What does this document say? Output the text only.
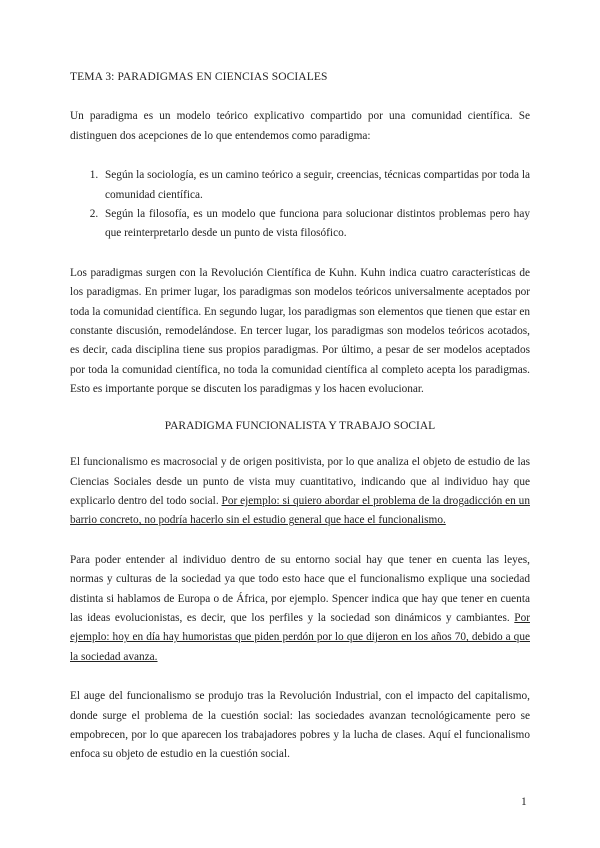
TEMA 3: PARADIGMAS EN CIENCIAS SOCIALES

Un paradigma es un modelo teórico explicativo compartido por una comunidad científica. Se distinguen dos acepciones de lo que entendemos como paradigma:

1. Según la sociología, es un camino teórico a seguir, creencias, técnicas compartidas por toda la comunidad científica.
2. Según la filosofía, es un modelo que funciona para solucionar distintos problemas pero hay que reinterpretarlo desde un punto de vista filosófico.

Los paradigmas surgen con la Revolución Científica de Kuhn. Kuhn indica cuatro características de los paradigmas. En primer lugar, los paradigmas son modelos teóricos universalmente aceptados por toda la comunidad científica. En segundo lugar, los paradigmas son elementos que tienen que estar en constante discusión, remodelándose. En tercer lugar, los paradigmas son modelos teóricos acotados, es decir, cada disciplina tiene sus propios paradigmas. Por último, a pesar de ser modelos aceptados por toda la comunidad científica, no toda la comunidad científica al completo acepta los paradigmas. Esto es importante porque se discuten los paradigmas y los hacen evolucionar.

PARADIGMA FUNCIONALISTA Y TRABAJO SOCIAL

El funcionalismo es macrosocial y de origen positivista, por lo que analiza el objeto de estudio de las Ciencias Sociales desde un punto de vista muy cuantitativo, indicando que al individuo hay que explicarlo dentro del todo social. Por ejemplo: si quiero abordar el problema de la drogadicción en un barrio concreto, no podría hacerlo sin el estudio general que hace el funcionalismo.

Para poder entender al individuo dentro de su entorno social hay que tener en cuenta las leyes, normas y culturas de la sociedad ya que todo esto hace que el funcionalismo explique una sociedad distinta si hablamos de Europa o de África, por ejemplo. Spencer indica que hay que tener en cuenta las ideas evolucionistas, es decir, que los perfiles y la sociedad son dinámicos y cambiantes. Por ejemplo: hoy en día hay humoristas que piden perdón por lo que dijeron en los años 70, debido a que la sociedad avanza.

El auge del funcionalismo se produjo tras la Revolución Industrial, con el impacto del capitalismo, donde surge el problema de la cuestión social: las sociedades avanzan tecnológicamente pero se empobrecen, por lo que aparecen los trabajadores pobres y la lucha de clases. Aquí el funcionalismo enfoca su objeto de estudio en la cuestión social.

1
